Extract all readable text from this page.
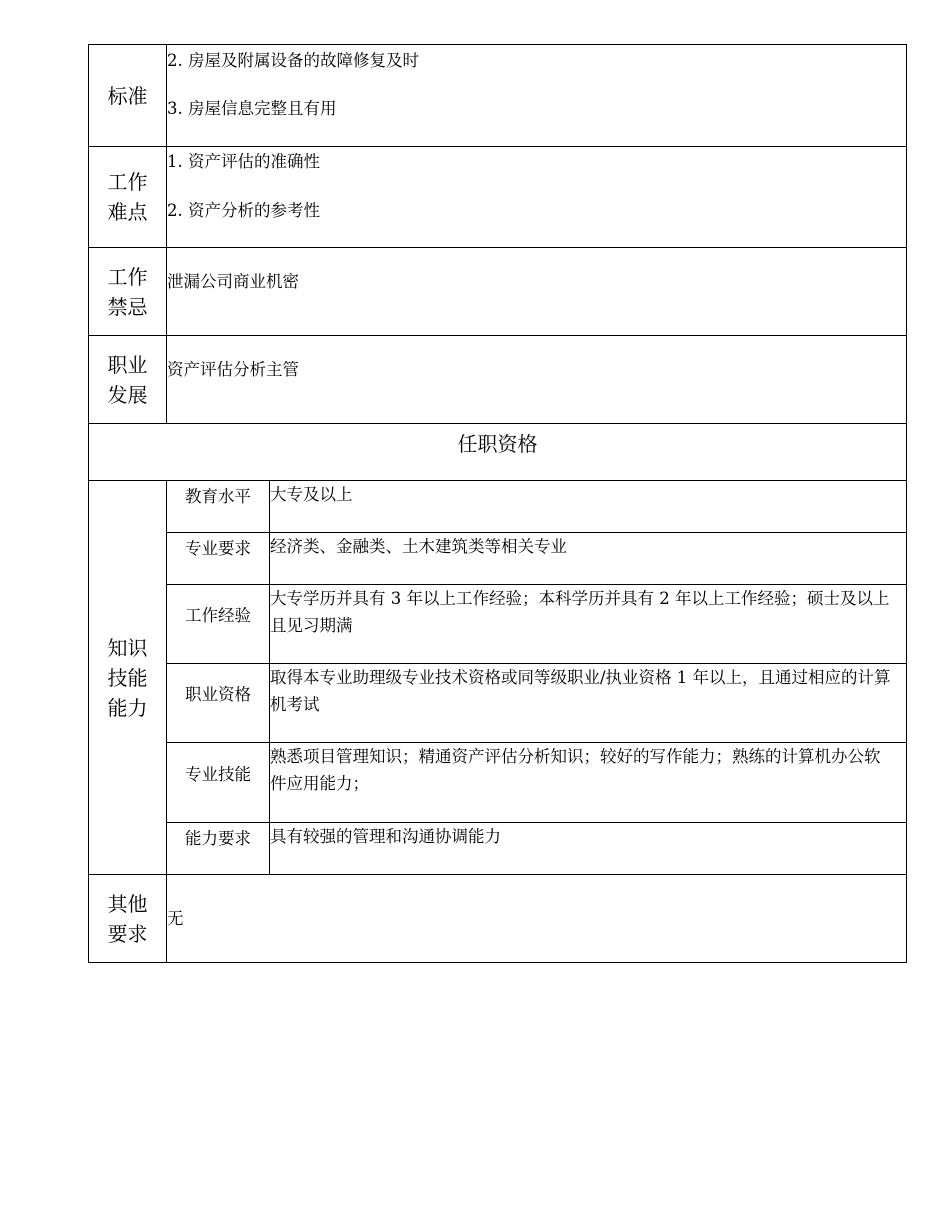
标准	2. 房屋及附属设备的故障修复及时
3. 房屋信息完整且有用	

工作
难点	1. 资产评估的准确性
2. 资产分析的参考性	

工作
禁忌	泄漏公司商业机密	

职业
发展	资产评估分析主管	

任职资格		

知识
技能
能力	教育水平	大专及以上
	专业要求	经济类、金融类、土木建筑类等相关专业
	工作经验	大专学历并具有 3 年以上工作经验；本科学历并具有 2 年以上工作经验；硕士及以上且见习期满
	职业资格	取得本专业助理级专业技术资格或同等级职业/执业资格 1 年以上，且通过相应的计算机考试
	专业技能	熟悉项目管理知识；精通资产评估分析知识；较好的写作能力；熟练的计算机办公软件应用能力；
	能力要求	具有较强的管理和沟通协调能力

其他
要求	无	
